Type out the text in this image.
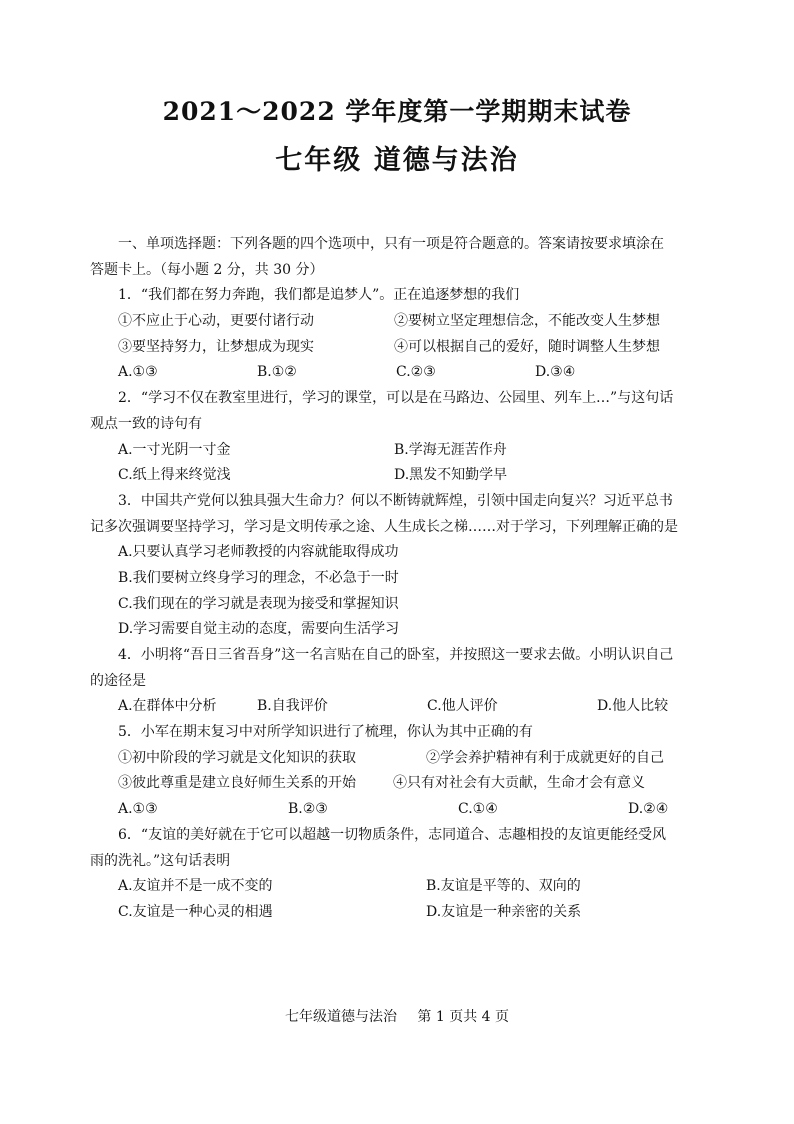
2021～2022 学年度第一学期期末试卷
七年级 道德与法治
一、单项选择题：下列各题的四个选项中，只有一项是符合题意的。答案请按要求填涂在
答题卡上。（每小题 2 分，共 30 分）
1．“我们都在努力奔跑，我们都是追梦人”。正在追逐梦想的我们
①不应止于心动，更要付诸行动	②要树立坚定理想信念，不能改变人生梦想
③要坚持努力，让梦想成为现实	④可以根据自己的爱好，随时调整人生梦想
A.①③	B.①②	C.②③	D.③④
2．“学习不仅在教室里进行，学习的课堂，可以是在马路边、公园里、列车上…”与这句话
观点一致的诗句有
A.一寸光阴一寸金	B.学海无涯苦作舟
C.纸上得来终觉浅	D.黑发不知勤学早
3．中国共产党何以独具强大生命力？何以不断铸就辉煌，引领中国走向复兴？习近平总书
记多次强调要坚持学习，学习是文明传承之途、人生成长之梯……对于学习，下列理解正确的是
A.只要认真学习老师教授的内容就能取得成功
B.我们要树立终身学习的理念，不必急于一时
C.我们现在的学习就是表现为接受和掌握知识
D.学习需要自觉主动的态度，需要向生活学习
4．小明将“吾日三省吾身”这一名言贴在自己的卧室，并按照这一要求去做。小明认识自己
的途径是
A.在群体中分析	B.自我评价	C.他人评价	D.他人比较
5．小军在期末复习中对所学知识进行了梳理，你认为其中正确的有
①初中阶段的学习就是文化知识的获取	②学会养护精神有利于成就更好的自己
③彼此尊重是建立良好师生关系的开始	④只有对社会有大贡献，生命才会有意义
A.①③	B.②③	C.①④	D.②④
6．“友谊的美好就在于它可以超越一切物质条件，志同道合、志趣相投的友谊更能经受风
雨的洗礼。”这句话表明
A.友谊并不是一成不变的	B.友谊是平等的、双向的
C.友谊是一种心灵的相遇	D.友谊是一种亲密的关系
七年级道德与法治 第 1 页共 4 页
